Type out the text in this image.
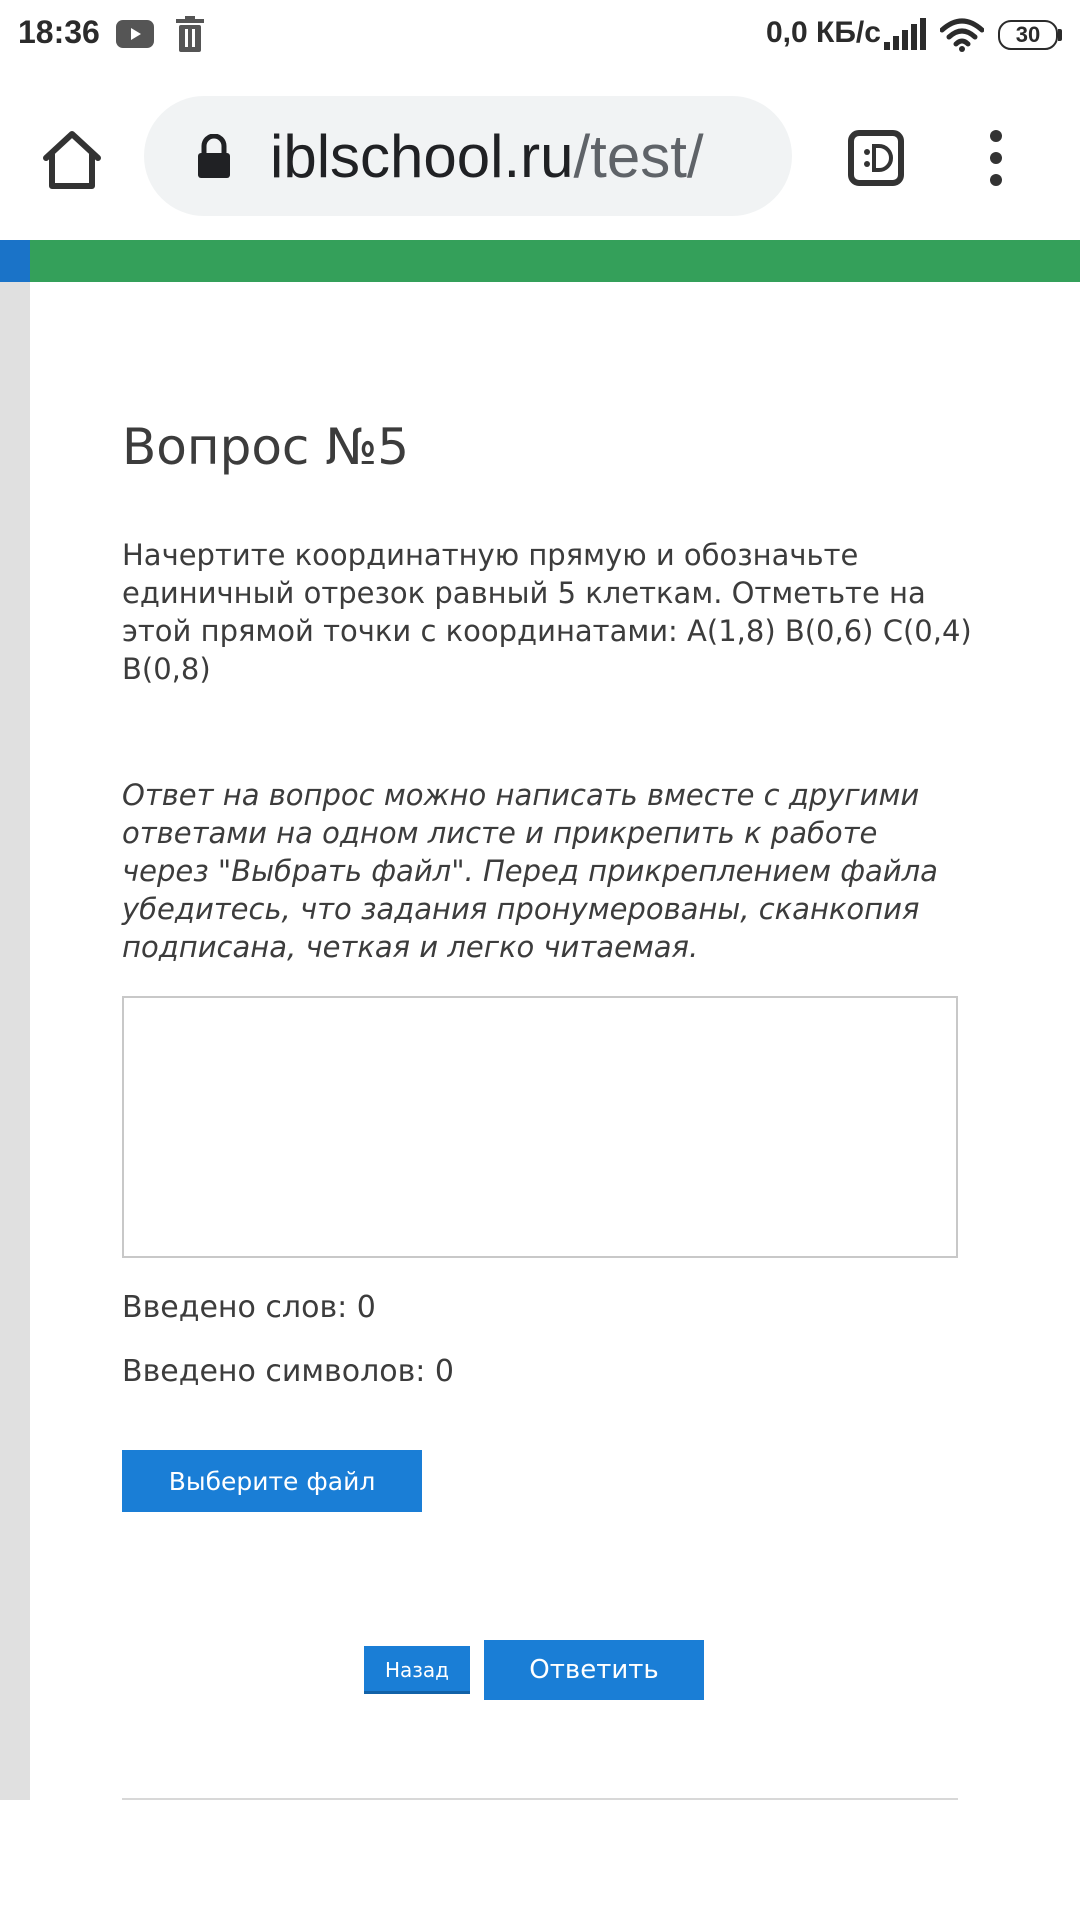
18:36	0,0 КБ/с	30
iblschool.ru/test/
Вопрос №5

Начертите координатную прямую и обозначьте единичный отрезок равный 5 клеткам. Отметьте на этой прямой точки с координатами: А(1,8) В(0,6) С(0,4) В(0,8)

Ответ на вопрос можно написать вместе с другими ответами на одном листе и прикрепить к работе через "Выбрать файл". Перед прикреплением файла убедитесь, что задания пронумерованы, сканкопия подписана, четкая и легко читаемая.

Введено слов: 0
Введено символов: 0
Выберите файл
Назад	Ответить
